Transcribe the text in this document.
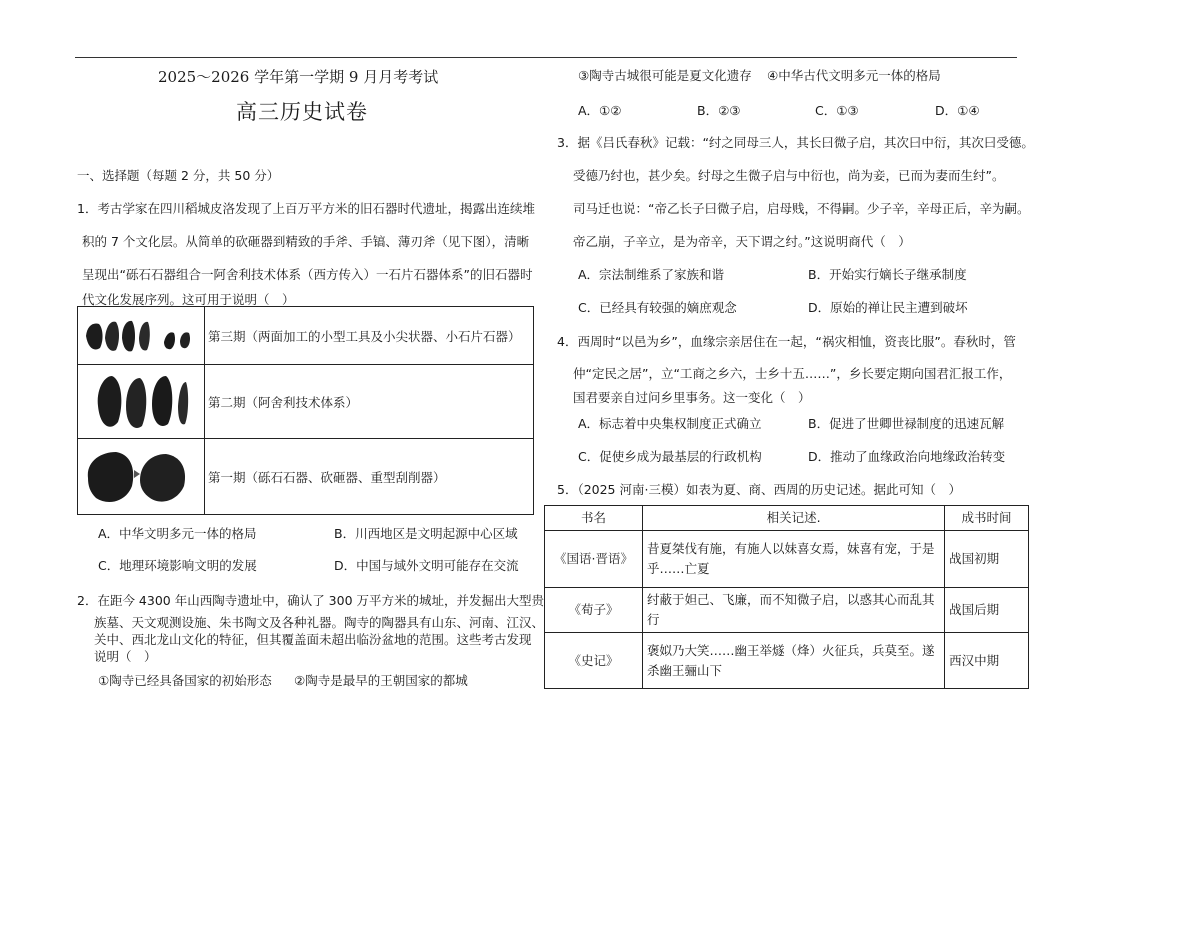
2025～2026 学年第一学期 9 月月考考试
高三历史试卷
一、选择题（每题 2 分，共 50 分）
1．考古学家在四川稻城皮洛发现了上百万平方米的旧石器时代遗址，揭露出连续堆
积的 7 个文化层。从简单的砍砸器到精致的手斧、手镐、薄刃斧（见下图），清晰
呈现出“砾石石器组合一阿舍利技术体系（西方传入）一石片石器体系”的旧石器时
代文化发展序列。这可用于说明（　）
	第三期（两面加工的小型工具及小尖状器、小石片石器）

	第二期（阿舍利技术体系）

	第一期（砾石石器、砍砸器、重型刮削器）
A．中华文明多元一体的格局	B．川西地区是文明起源中心区域
C．地理环境影响文明的发展	D．中国与域外文明可能存在交流
2．在距今 4300 年山西陶寺遗址中，确认了 300 万平方米的城址，并发掘出大型贵
族墓、天文观测设施、朱书陶文及各种礼器。陶寺的陶器具有山东、河南、江汉、
关中、西北龙山文化的特征，但其覆盖面未超出临汾盆地的范围。这些考古发现
说明（　）
①陶寺已经具备国家的初始形态 ②陶寺是最早的王朝国家的都城
③陶寺古城很可能是夏文化遗存 ④中华古代文明多元一体的格局
A．①②	B．②③	C．①③	D．①④
3．据《吕氏春秋》记载：“纣之同母三人，其长曰微子启，其次曰中衍，其次曰受德。
受德乃纣也，甚少矣。纣母之生微子启与中衍也，尚为妾，已而为妻而生纣”。
司马迁也说：“帝乙长子曰微子启，启母贱，不得嗣。少子辛，辛母正后，辛为嗣。
帝乙崩，子辛立，是为帝辛，天下谓之纣。”这说明商代（　）
A．宗法制维系了家族和谐	B．开始实行嫡长子继承制度
C．已经具有较强的嫡庶观念	D．原始的禅让民主遭到破坏
4．西周时“以邑为乡”，血缘宗亲居住在一起，“祸灾相恤，资丧比服”。春秋时，管
仲“定民之居”，立“工商之乡六，士乡十五……”，乡长要定期向国君汇报工作，
国君要亲自过问乡里事务。这一变化（　）
A．标志着中央集权制度正式确立	B．促进了世卿世禄制度的迅速瓦解
C．促使乡成为最基层的行政机构	D．推动了血缘政治向地缘政治转变
5．（2025 河南·三模）如表为夏、商、西周的历史记述。据此可知（　）
书名	相关记述.	成书时间
《国语·晋语》	昔夏桀伐有施，有施人以妹喜女焉，妹喜有宠，于是
乎……亡夏	战国初期
《荀子》	纣蔽于妲己、飞廉，而不知微子启，以惑其心而乱其
行	战国后期
《史记》	褒姒乃大笑……幽王举燧（烽）火征兵，兵莫至。遂
杀幽王骊山下	西汉中期
